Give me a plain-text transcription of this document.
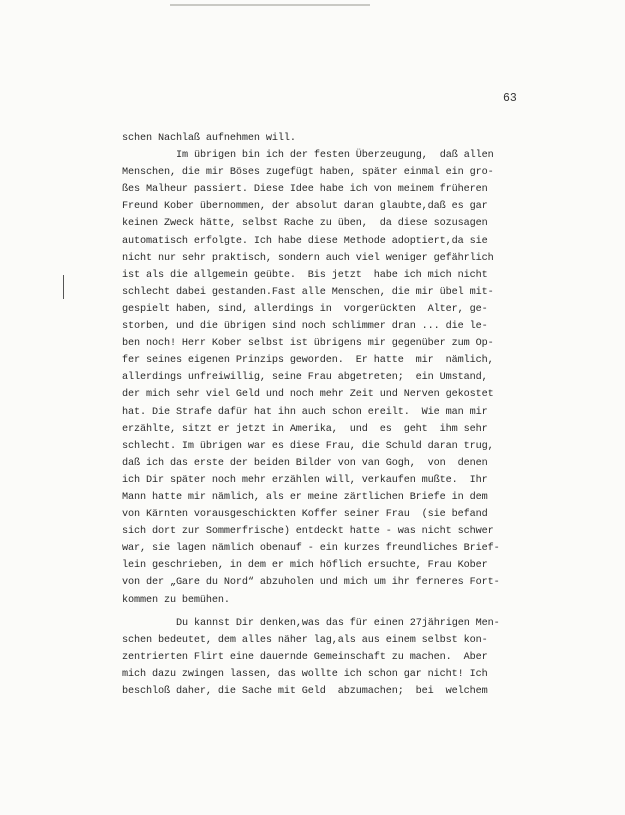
63
schen Nachlaß aufnehmen will.
Im übrigen bin ich der festen Überzeugung,  daß allen
Menschen, die mir Böses zugefügt haben, später einmal ein gro-
ßes Malheur passiert. Diese Idee habe ich von meinem früheren
Freund Kober übernommen, der absolut daran glaubte,daß es gar
keinen Zweck hätte, selbst Rache zu üben,  da diese sozusagen
automatisch erfolgte. Ich habe diese Methode adoptiert,da sie
nicht nur sehr praktisch, sondern auch viel weniger gefährlich
ist als die allgemein geübte.  Bis jetzt  habe ich mich nicht
schlecht dabei gestanden.Fast alle Menschen, die mir übel mit-
gespielt haben, sind, allerdings in  vorgerückten  Alter, ge-
storben, und die übrigen sind noch schlimmer dran ... die le-
ben noch! Herr Kober selbst ist übrigens mir gegenüber zum Op-
fer seines eigenen Prinzips geworden.  Er hatte  mir  nämlich,
allerdings unfreiwillig, seine Frau abgetreten;  ein Umstand,
der mich sehr viel Geld und noch mehr Zeit und Nerven gekostet
hat. Die Strafe dafür hat ihn auch schon ereilt.  Wie man mir
erzählte, sitzt er jetzt in Amerika,  und  es  geht  ihm sehr
schlecht. Im übrigen war es diese Frau, die Schuld daran trug,
daß ich das erste der beiden Bilder von van Gogh,  von  denen
ich Dir später noch mehr erzählen will, verkaufen mußte.  Ihr
Mann hatte mir nämlich, als er meine zärtlichen Briefe in dem
von Kärnten vorausgeschickten Koffer seiner Frau  (sie befand
sich dort zur Sommerfrische) entdeckt hatte - was nicht schwer
war, sie lagen nämlich obenauf - ein kurzes freundliches Brief-
lein geschrieben, in dem er mich höflich ersuchte, Frau Kober
von der „Gare du Nord“ abzuholen und mich um ihr ferneres Fort-
kommen zu bemühen.
Du kannst Dir denken,was das für einen 27jährigen Men-
schen bedeutet, dem alles näher lag,als aus einem selbst kon-
zentrierten Flirt eine dauernde Gemeinschaft zu machen.  Aber
mich dazu zwingen lassen, das wollte ich schon gar nicht! Ich
beschloß daher, die Sache mit Geld  abzumachen;  bei  welchem
